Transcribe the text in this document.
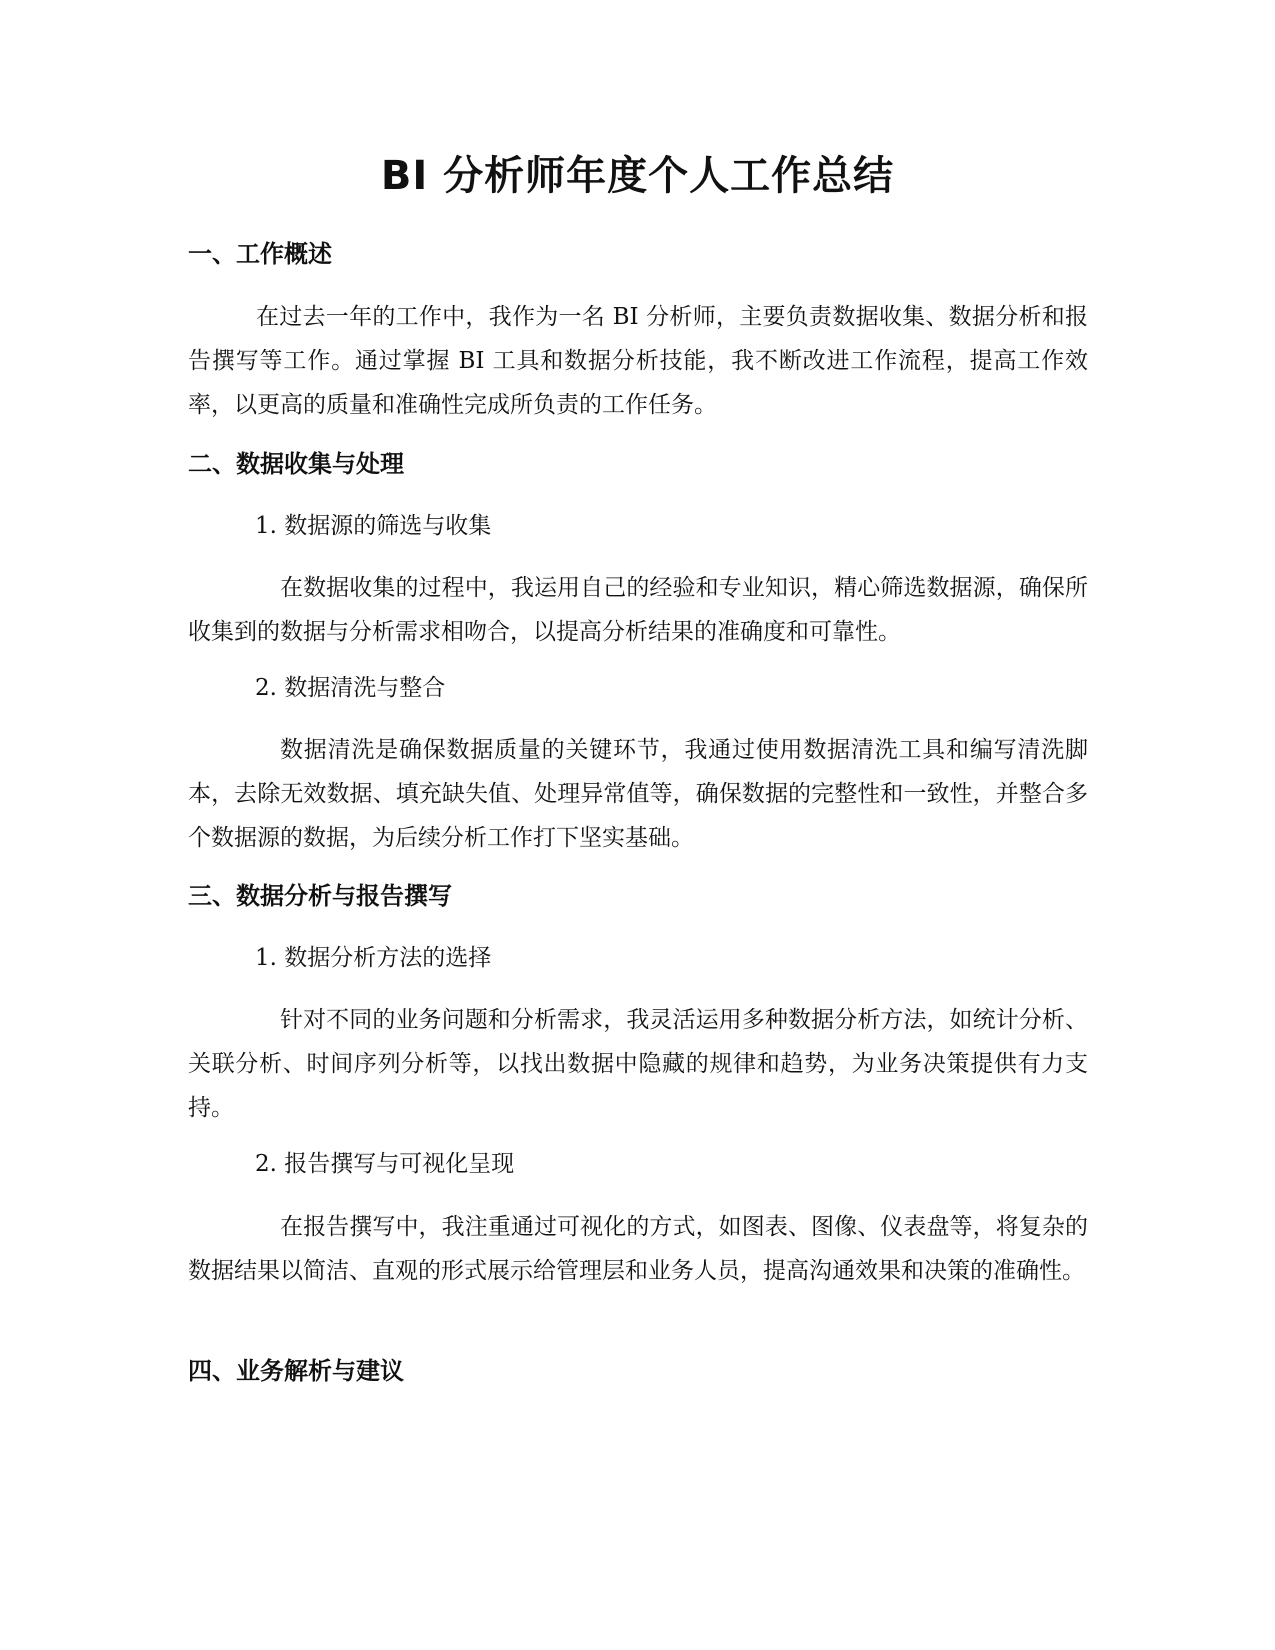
BI 分析师年度个人工作总结
一、工作概述

在过去一年的工作中，我作为一名 BI 分析师，主要负责数据收集、数据分析和报告撰写等工作。通过掌握 BI 工具和数据分析技能，我不断改进工作流程，提高工作效率，以更高的质量和准确性完成所负责的工作任务。

二、数据收集与处理

1. 数据源的筛选与收集

在数据收集的过程中，我运用自己的经验和专业知识，精心筛选数据源，确保所收集到的数据与分析需求相吻合，以提高分析结果的准确度和可靠性。

2. 数据清洗与整合

数据清洗是确保数据质量的关键环节，我通过使用数据清洗工具和编写清洗脚本，去除无效数据、填充缺失值、处理异常值等，确保数据的完整性和一致性，并整合多个数据源的数据，为后续分析工作打下坚实基础。

三、数据分析与报告撰写

1. 数据分析方法的选择

针对不同的业务问题和分析需求，我灵活运用多种数据分析方法，如统计分析、关联分析、时间序列分析等，以找出数据中隐藏的规律和趋势，为业务决策提供有力支持。

2. 报告撰写与可视化呈现

在报告撰写中，我注重通过可视化的方式，如图表、图像、仪表盘等，将复杂的数据结果以简洁、直观的形式展示给管理层和业务人员，提高沟通效果和决策的准确性。

四、业务解析与建议
